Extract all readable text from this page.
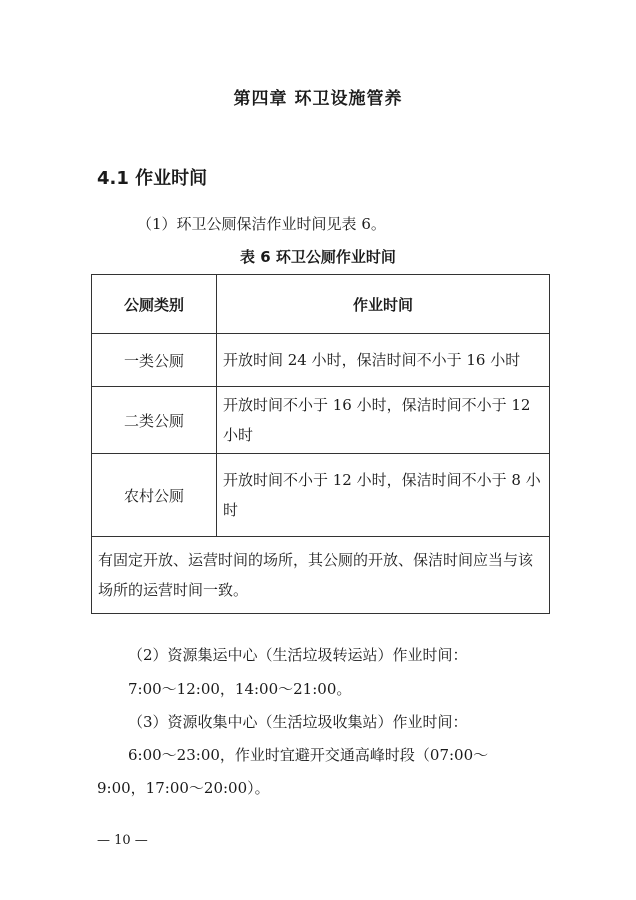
第四章 环卫设施管养
4.1 作业时间
（1）环卫公厕保洁作业时间见表 6。
表 6 环卫公厕作业时间
公厕类别	作业时间
一类公厕	开放时间 24 小时，保洁时间不小于 16 小时
二类公厕	开放时间不小于 16 小时，保洁时间不小于 12 小时
农村公厕	开放时间不小于 12 小时，保洁时间不小于 8 小时
有固定开放、运营时间的场所，其公厕的开放、保洁时间应当与该场所的运营时间一致。	
（2）资源集运中心（生活垃圾转运站）作业时间：
7:00～12:00，14:00～21:00。
（3）资源收集中心（生活垃圾收集站）作业时间：
6:00～23:00，作业时宜避开交通高峰时段（07:00～
9:00，17:00～20:00）。
— 10 —
